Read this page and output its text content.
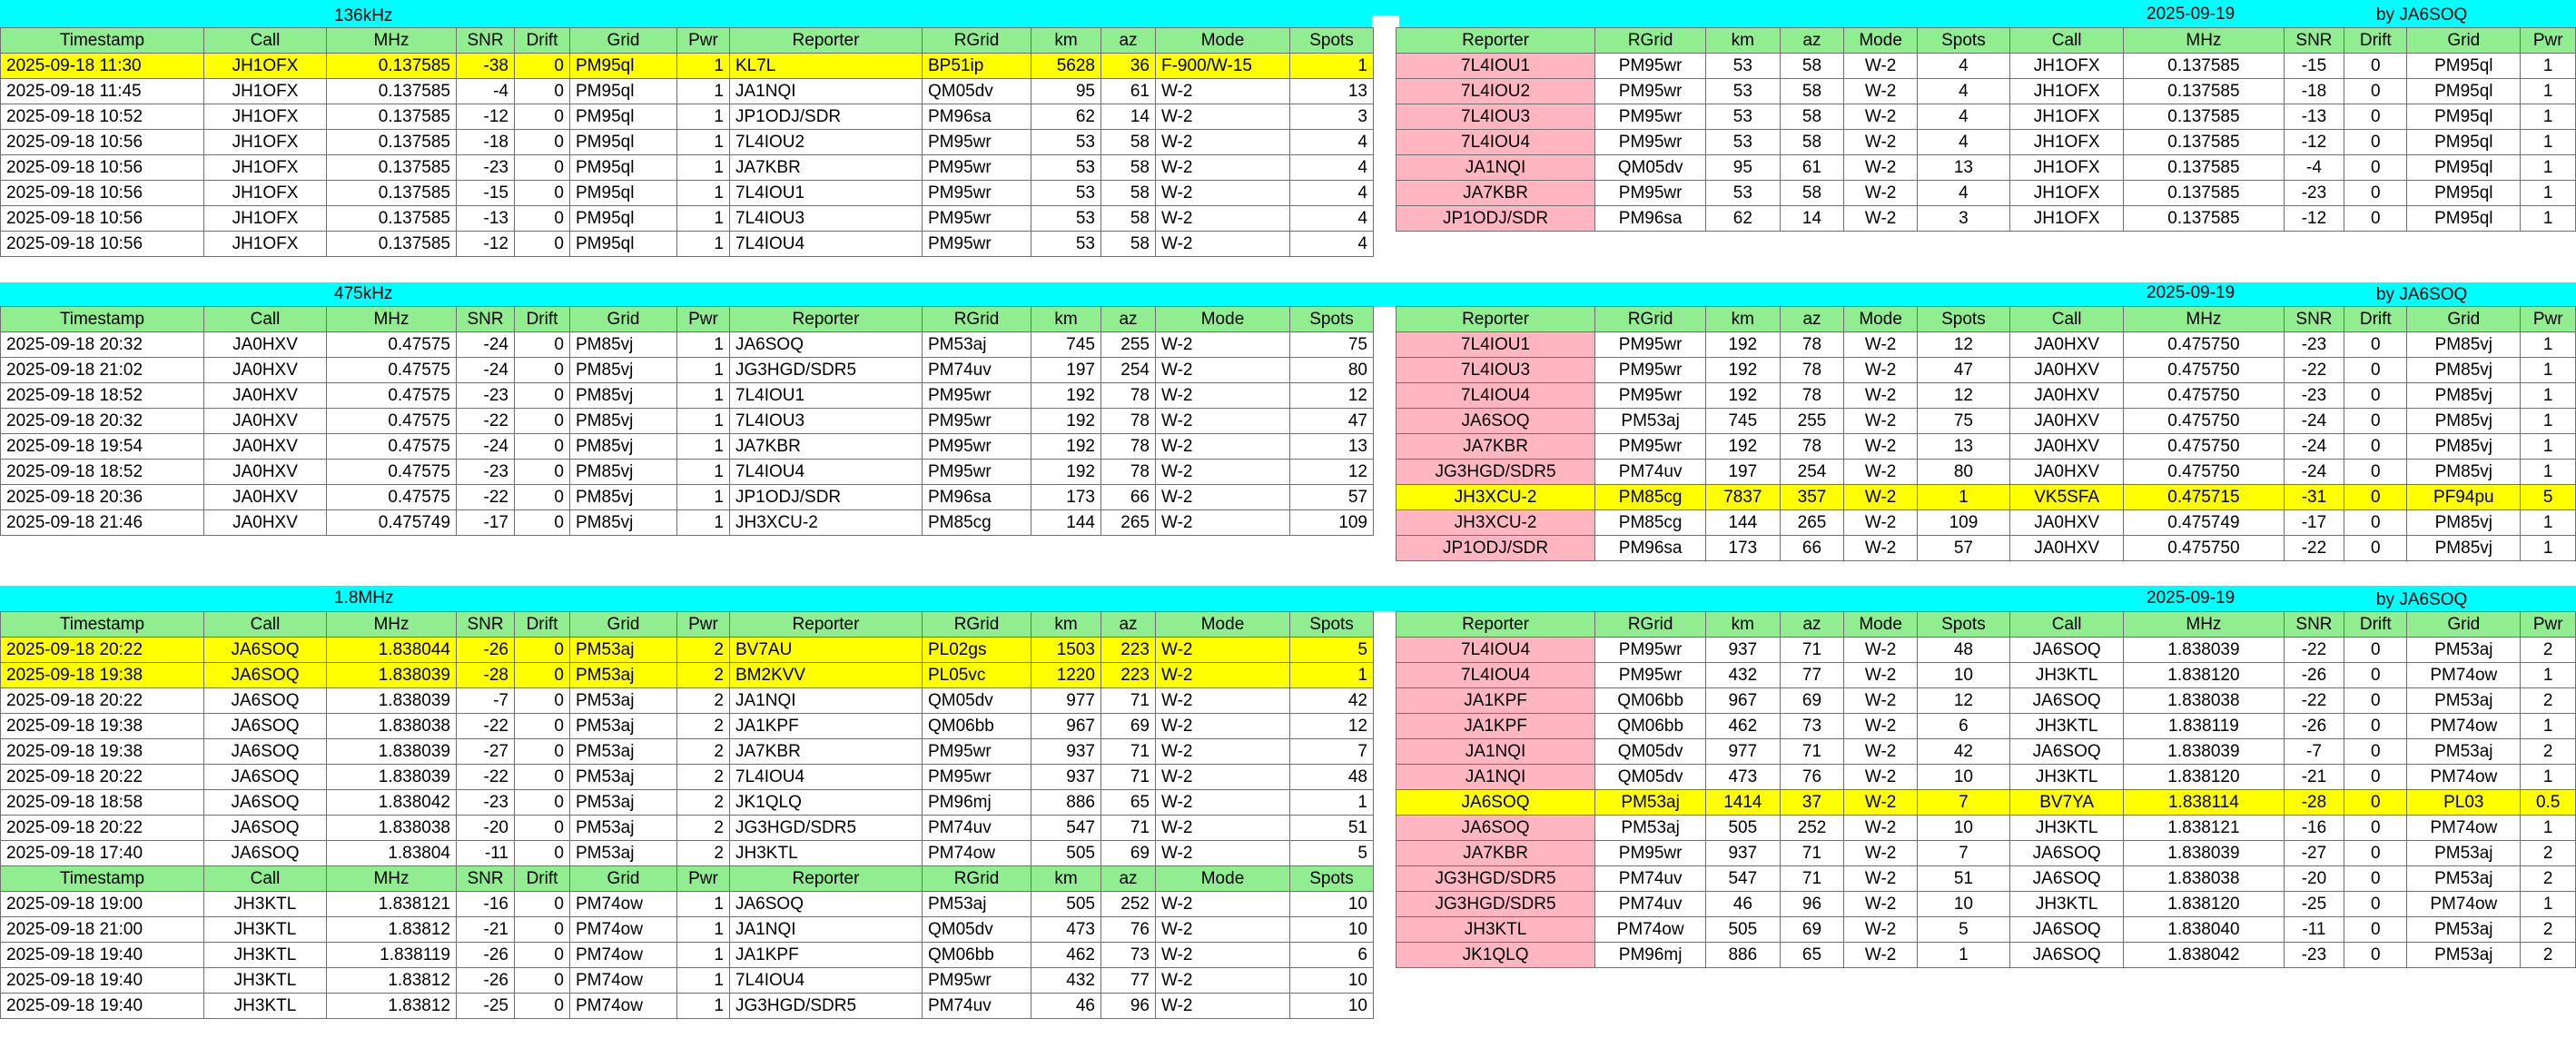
136kHz	2025-09-19	by JA6SOQ
475kHz	2025-09-19	by JA6SOQ
1.8MHz	2025-09-19	by JA6SOQ
Timestamp	Call	MHz	SNR	Drift	Grid	Pwr	Reporter	RGrid	km	az	Mode	Spots
2025-09-18 11:30	JH1OFX	0.137585	-38	0	PM95ql	1	KL7L	BP51ip	5628	36	F-900/W-15	1
2025-09-18 11:45	JH1OFX	0.137585	-4	0	PM95ql	1	JA1NQI	QM05dv	95	61	W-2	13
2025-09-18 10:52	JH1OFX	0.137585	-12	0	PM95ql	1	JP1ODJ/SDR	PM96sa	62	14	W-2	3
2025-09-18 10:56	JH1OFX	0.137585	-18	0	PM95ql	1	7L4IOU2	PM95wr	53	58	W-2	4
2025-09-18 10:56	JH1OFX	0.137585	-23	0	PM95ql	1	JA7KBR	PM95wr	53	58	W-2	4
2025-09-18 10:56	JH1OFX	0.137585	-15	0	PM95ql	1	7L4IOU1	PM95wr	53	58	W-2	4
2025-09-18 10:56	JH1OFX	0.137585	-13	0	PM95ql	1	7L4IOU3	PM95wr	53	58	W-2	4
2025-09-18 10:56	JH1OFX	0.137585	-12	0	PM95ql	1	7L4IOU4	PM95wr	53	58	W-2	4
Reporter	RGrid	km	az	Mode	Spots	Call	MHz	SNR	Drift	Grid	Pwr
7L4IOU1	PM95wr	53	58	W-2	4	JH1OFX	0.137585	-15	0	PM95ql	1
7L4IOU2	PM95wr	53	58	W-2	4	JH1OFX	0.137585	-18	0	PM95ql	1
7L4IOU3	PM95wr	53	58	W-2	4	JH1OFX	0.137585	-13	0	PM95ql	1
7L4IOU4	PM95wr	53	58	W-2	4	JH1OFX	0.137585	-12	0	PM95ql	1
JA1NQI	QM05dv	95	61	W-2	13	JH1OFX	0.137585	-4	0	PM95ql	1
JA7KBR	PM95wr	53	58	W-2	4	JH1OFX	0.137585	-23	0	PM95ql	1
JP1ODJ/SDR	PM96sa	62	14	W-2	3	JH1OFX	0.137585	-12	0	PM95ql	1
Timestamp	Call	MHz	SNR	Drift	Grid	Pwr	Reporter	RGrid	km	az	Mode	Spots
2025-09-18 20:32	JA0HXV	0.47575	-24	0	PM85vj	1	JA6SOQ	PM53aj	745	255	W-2	75
2025-09-18 21:02	JA0HXV	0.47575	-24	0	PM85vj	1	JG3HGD/SDR5	PM74uv	197	254	W-2	80
2025-09-18 18:52	JA0HXV	0.47575	-23	0	PM85vj	1	7L4IOU1	PM95wr	192	78	W-2	12
2025-09-18 20:32	JA0HXV	0.47575	-22	0	PM85vj	1	7L4IOU3	PM95wr	192	78	W-2	47
2025-09-18 19:54	JA0HXV	0.47575	-24	0	PM85vj	1	JA7KBR	PM95wr	192	78	W-2	13
2025-09-18 18:52	JA0HXV	0.47575	-23	0	PM85vj	1	7L4IOU4	PM95wr	192	78	W-2	12
2025-09-18 20:36	JA0HXV	0.47575	-22	0	PM85vj	1	JP1ODJ/SDR	PM96sa	173	66	W-2	57
2025-09-18 21:46	JA0HXV	0.475749	-17	0	PM85vj	1	JH3XCU-2	PM85cg	144	265	W-2	109
Reporter	RGrid	km	az	Mode	Spots	Call	MHz	SNR	Drift	Grid	Pwr
7L4IOU1	PM95wr	192	78	W-2	12	JA0HXV	0.475750	-23	0	PM85vj	1
7L4IOU3	PM95wr	192	78	W-2	47	JA0HXV	0.475750	-22	0	PM85vj	1
7L4IOU4	PM95wr	192	78	W-2	12	JA0HXV	0.475750	-23	0	PM85vj	1
JA6SOQ	PM53aj	745	255	W-2	75	JA0HXV	0.475750	-24	0	PM85vj	1
JA7KBR	PM95wr	192	78	W-2	13	JA0HXV	0.475750	-24	0	PM85vj	1
JG3HGD/SDR5	PM74uv	197	254	W-2	80	JA0HXV	0.475750	-24	0	PM85vj	1
JH3XCU-2	PM85cg	7837	357	W-2	1	VK5SFA	0.475715	-31	0	PF94pu	5
JH3XCU-2	PM85cg	144	265	W-2	109	JA0HXV	0.475749	-17	0	PM85vj	1
JP1ODJ/SDR	PM96sa	173	66	W-2	57	JA0HXV	0.475750	-22	0	PM85vj	1
Timestamp	Call	MHz	SNR	Drift	Grid	Pwr	Reporter	RGrid	km	az	Mode	Spots
2025-09-18 20:22	JA6SOQ	1.838044	-26	0	PM53aj	2	BV7AU	PL02gs	1503	223	W-2	5
2025-09-18 19:38	JA6SOQ	1.838039	-28	0	PM53aj	2	BM2KVV	PL05vc	1220	223	W-2	1
2025-09-18 20:22	JA6SOQ	1.838039	-7	0	PM53aj	2	JA1NQI	QM05dv	977	71	W-2	42
2025-09-18 19:38	JA6SOQ	1.838038	-22	0	PM53aj	2	JA1KPF	QM06bb	967	69	W-2	12
2025-09-18 19:38	JA6SOQ	1.838039	-27	0	PM53aj	2	JA7KBR	PM95wr	937	71	W-2	7
2025-09-18 20:22	JA6SOQ	1.838039	-22	0	PM53aj	2	7L4IOU4	PM95wr	937	71	W-2	48
2025-09-18 18:58	JA6SOQ	1.838042	-23	0	PM53aj	2	JK1QLQ	PM96mj	886	65	W-2	1
2025-09-18 20:22	JA6SOQ	1.838038	-20	0	PM53aj	2	JG3HGD/SDR5	PM74uv	547	71	W-2	51
2025-09-18 17:40	JA6SOQ	1.83804	-11	0	PM53aj	2	JH3KTL	PM74ow	505	69	W-2	5
Timestamp	Call	MHz	SNR	Drift	Grid	Pwr	Reporter	RGrid	km	az	Mode	Spots
2025-09-18 19:00	JH3KTL	1.838121	-16	0	PM74ow	1	JA6SOQ	PM53aj	505	252	W-2	10
2025-09-18 21:00	JH3KTL	1.83812	-21	0	PM74ow	1	JA1NQI	QM05dv	473	76	W-2	10
2025-09-18 19:40	JH3KTL	1.838119	-26	0	PM74ow	1	JA1KPF	QM06bb	462	73	W-2	6
2025-09-18 19:40	JH3KTL	1.83812	-26	0	PM74ow	1	7L4IOU4	PM95wr	432	77	W-2	10
2025-09-18 19:40	JH3KTL	1.83812	-25	0	PM74ow	1	JG3HGD/SDR5	PM74uv	46	96	W-2	10
Reporter	RGrid	km	az	Mode	Spots	Call	MHz	SNR	Drift	Grid	Pwr
7L4IOU4	PM95wr	937	71	W-2	48	JA6SOQ	1.838039	-22	0	PM53aj	2
7L4IOU4	PM95wr	432	77	W-2	10	JH3KTL	1.838120	-26	0	PM74ow	1
JA1KPF	QM06bb	967	69	W-2	12	JA6SOQ	1.838038	-22	0	PM53aj	2
JA1KPF	QM06bb	462	73	W-2	6	JH3KTL	1.838119	-26	0	PM74ow	1
JA1NQI	QM05dv	977	71	W-2	42	JA6SOQ	1.838039	-7	0	PM53aj	2
JA1NQI	QM05dv	473	76	W-2	10	JH3KTL	1.838120	-21	0	PM74ow	1
JA6SOQ	PM53aj	1414	37	W-2	7	BV7YA	1.838114	-28	0	PL03	0.5
JA6SOQ	PM53aj	505	252	W-2	10	JH3KTL	1.838121	-16	0	PM74ow	1
JA7KBR	PM95wr	937	71	W-2	7	JA6SOQ	1.838039	-27	0	PM53aj	2
JG3HGD/SDR5	PM74uv	547	71	W-2	51	JA6SOQ	1.838038	-20	0	PM53aj	2
JG3HGD/SDR5	PM74uv	46	96	W-2	10	JH3KTL	1.838120	-25	0	PM74ow	1
JH3KTL	PM74ow	505	69	W-2	5	JA6SOQ	1.838040	-11	0	PM53aj	2
JK1QLQ	PM96mj	886	65	W-2	1	JA6SOQ	1.838042	-23	0	PM53aj	2
